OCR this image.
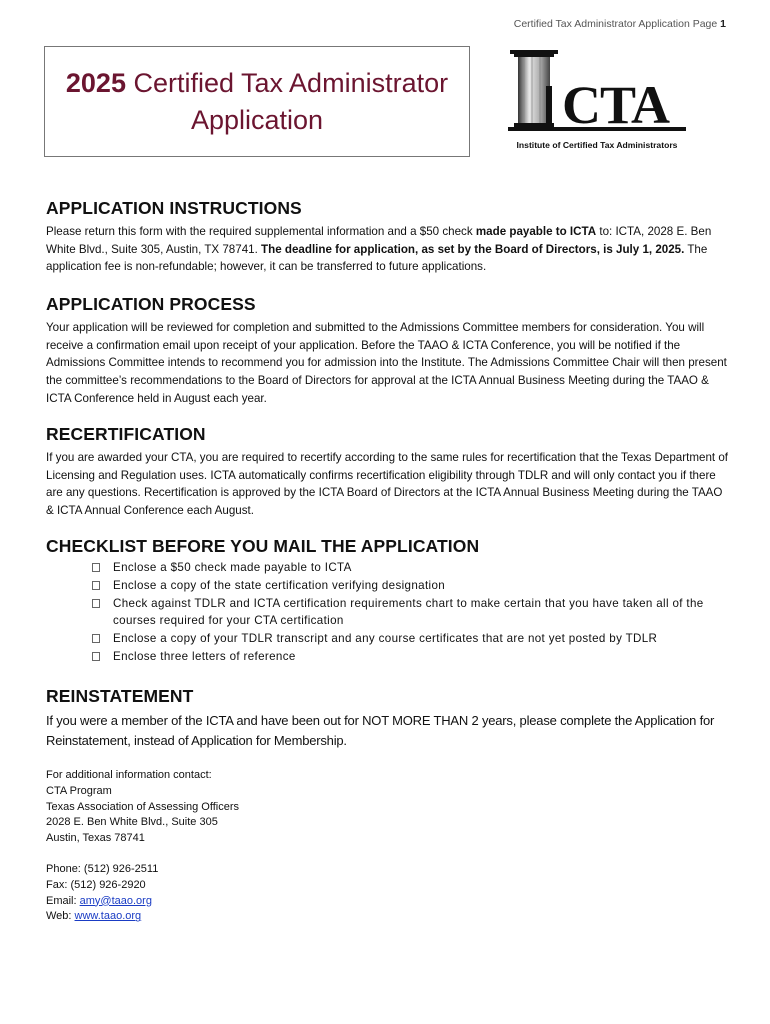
Certified Tax Administrator Application Page 1
2025 Certified Tax Administrator
Application	CTA
Institute of Certified Tax Administrators
APPLICATION INSTRUCTIONS

Please return this form with the required supplemental information and a $50 check made payable to ICTA to: ICTA, 2028 E. Ben White Blvd., Suite 305, Austin, TX 78741. The deadline for application, as set by the Board of Directors, is July 1, 2025. The application fee is non-refundable; however, it can be transferred to future applications.

APPLICATION PROCESS

Your application will be reviewed for completion and submitted to the Admissions Committee members for consideration. You will receive a confirmation email upon receipt of your application. Before the TAAO & ICTA Conference, you will be notified if the Admissions Committee intends to recommend you for admission into the Institute. The Admissions Committee Chair will then present the committee’s recommendations to the Board of Directors for approval at the ICTA Annual Business Meeting during the TAAO & ICTA Conference held in August each year.

RECERTIFICATION

If you are awarded your CTA, you are required to recertify according to the same rules for recertification that the Texas Department of Licensing and Regulation uses. ICTA automatically confirms recertification eligibility through TDLR and will only contact you if there are any questions. Recertification is approved by the ICTA Board of Directors at the ICTA Annual Business Meeting during the TAAO & ICTA Annual Conference each August.

CHECKLIST BEFORE YOU MAIL THE APPLICATION
Enclose a $50 check made payable to ICTA
Enclose a copy of the state certification verifying designation
Check against TDLR and ICTA certification requirements chart to make certain that you have taken all of the courses required for your CTA certification
Enclose a copy of your TDLR transcript and any course certificates that are not yet posted by TDLR
Enclose three letters of reference
REINSTATEMENT

If you were a member of the ICTA and have been out for NOT MORE THAN 2 years, please complete the Application for Reinstatement, instead of Application for Membership.

For additional information contact:

CTA Program

Texas Association of Assessing Officers

2028 E. Ben White Blvd., Suite 305

Austin, Texas 78741

Phone: (512) 926-2511

Fax: (512) 926-2920

Email: amy@taao.org

Web: www.taao.org
